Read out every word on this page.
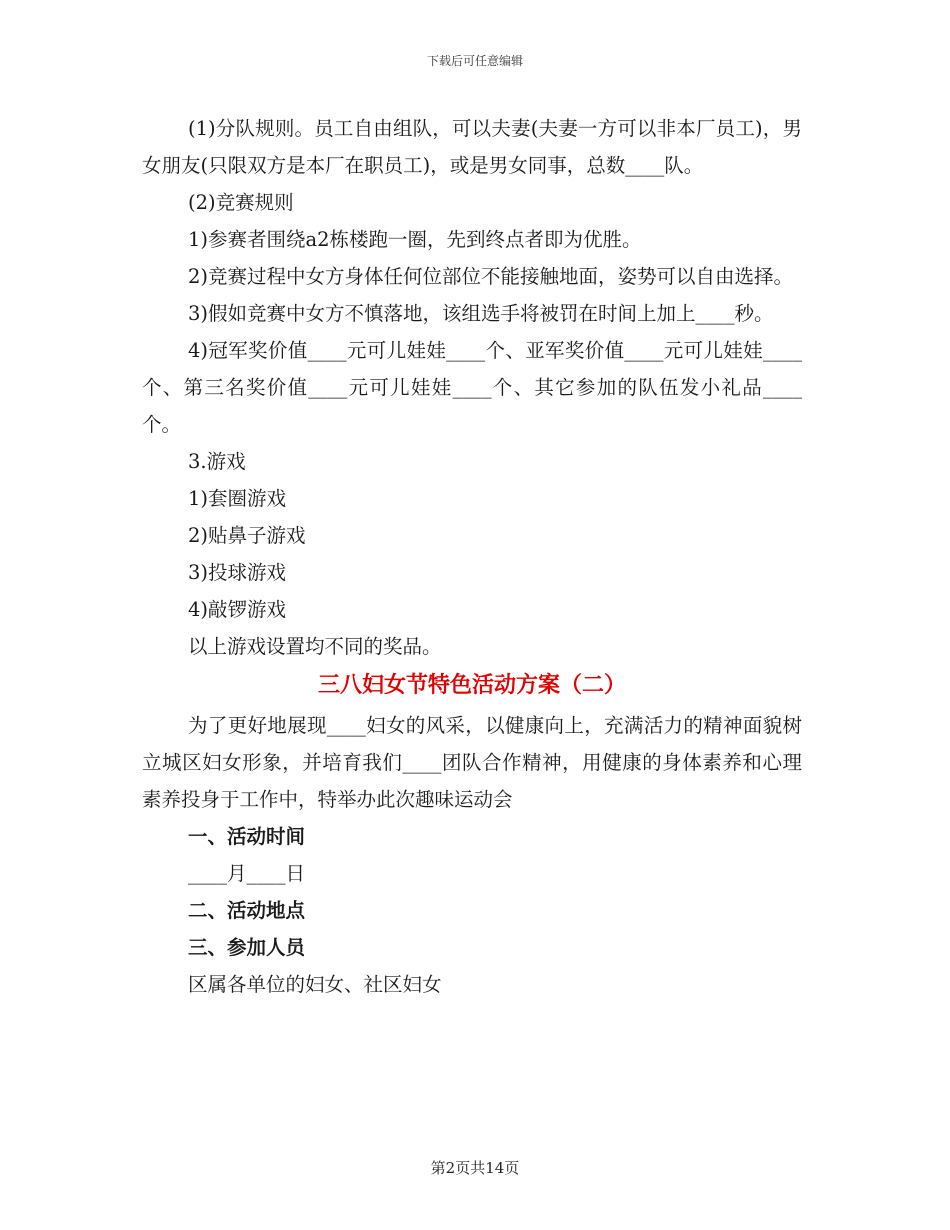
下载后可任意编辑

(1)分队规则。员工自由组队，可以夫妻(夫妻一方可以非本厂员工)，男女朋友(只限双方是本厂在职员工)，或是男女同事，总数____队。

(2)竞赛规则

1)参赛者围绕a2栋楼跑一圈，先到终点者即为优胜。

2)竞赛过程中女方身体任何位部位不能接触地面，姿势可以自由选择。

3)假如竞赛中女方不慎落地，该组选手将被罚在时间上加上____秒。

4)冠军奖价值____元可儿娃娃____个、亚军奖价值____元可儿娃娃____个、第三名奖价值____元可儿娃娃____个、其它参加的队伍发小礼品____个。

3.游戏

1)套圈游戏

2)贴鼻子游戏

3)投球游戏

4)敲锣游戏

以上游戏设置均不同的奖品。

三八妇女节特色活动方案（二）

为了更好地展现____妇女的风采，以健康向上，充满活力的精神面貌树立城区妇女形象，并培育我们____团队合作精神，用健康的身体素养和心理素养投身于工作中，特举办此次趣味运动会

一、活动时间

____月____日

二、活动地点
三、参加人员

区属各单位的妇女、社区妇女

第2页共14页
